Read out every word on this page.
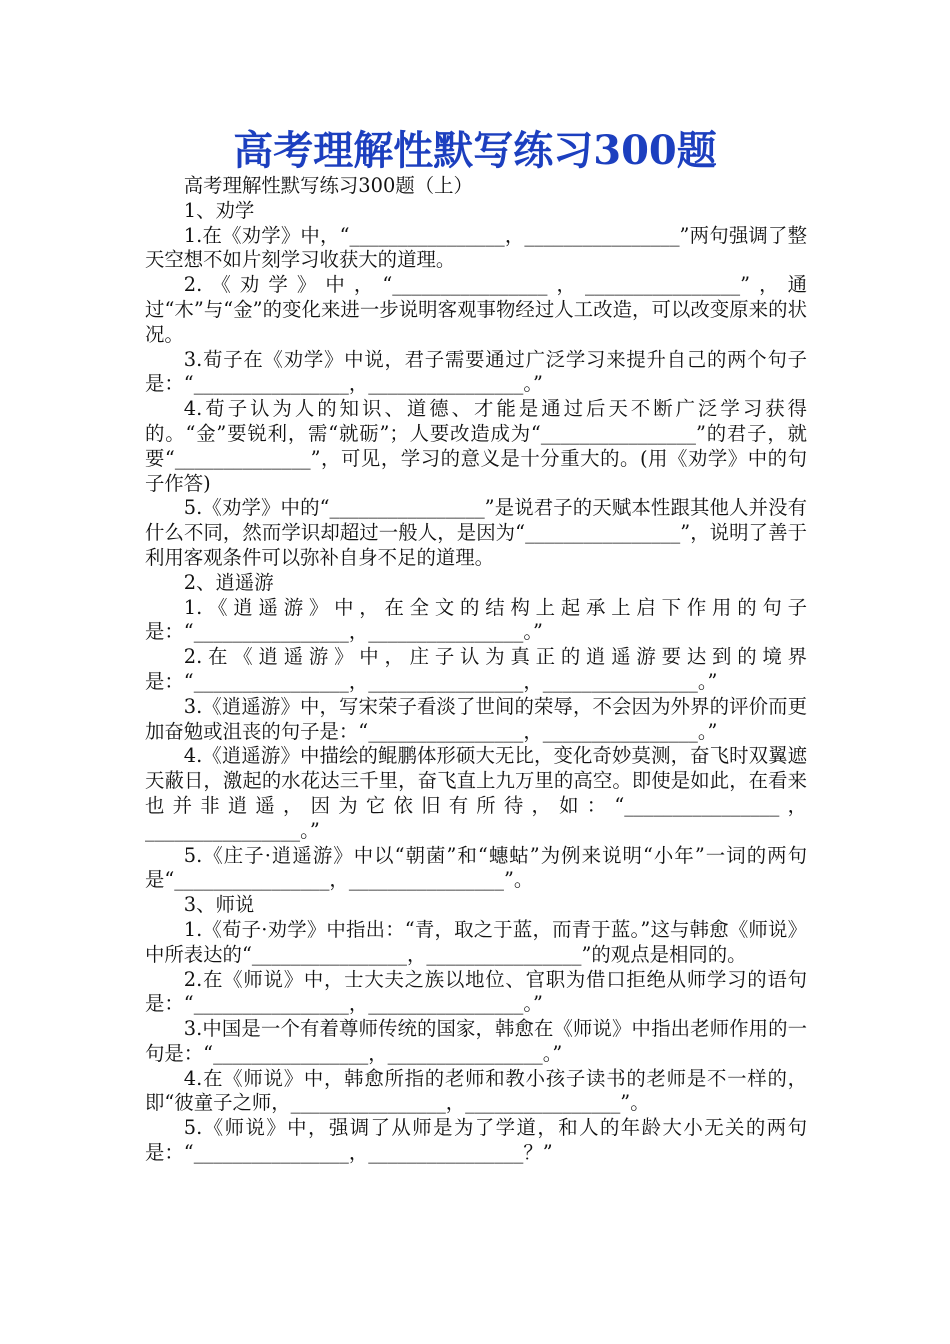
高考理解性默写练习300题

高考理解性默写练习300题（上）

1、劝学

1.在《劝学》中，“________________，________________”两句强调了整天空想不如片刻学习收获大的道理。

2.《劝学》中，“________________，________________”，通过“木”与“金”的变化来进一步说明客观事物经过人工改造，可以改变原来的状况。

3.荀子在《劝学》中说，君子需要通过广泛学习来提升自己的两个句子是：“________________，________________。”

4.荀子认为人的知识、道德、才能是通过后天不断广泛学习获得的。“金”要锐利，需“就砺”；人要改造成为“________________”的君子，就要“______________”，可见，学习的意义是十分重大的。(用《劝学》中的句子作答)

5.《劝学》中的“________________”是说君子的天赋本性跟其他人并没有什么不同，然而学识却超过一般人，是因为“________________”，说明了善于利用客观条件可以弥补自身不足的道理。

2、逍遥游

1.《逍遥游》中，在全文的结构上起承上启下作用的句子是：“________________，________________。”

2.在《逍遥游》中，庄子认为真正的逍遥游要达到的境界是：“________________，________________，________________。”

3.《逍遥游》中，写宋荣子看淡了世间的荣辱，不会因为外界的评价而更加奋勉或沮丧的句子是：“________________，________________。”

4.《逍遥游》中描绘的鲲鹏体形硕大无比，变化奇妙莫测，奋飞时双翼遮天蔽日，激起的水花达三千里，奋飞直上九万里的高空。即使是如此，在看来也并非逍遥，因为它依旧有所待，如：“________________，________________。”

5.《庄子·逍遥游》中以“朝菌”和“蟪蛄”为例来说明“小年”一词的两句是“________________，________________”。

3、师说

1.《荀子·劝学》中指出：“青，取之于蓝，而青于蓝。”这与韩愈《师说》中所表达的“________________，________________”的观点是相同的。

2.在《师说》中，士大夫之族以地位、官职为借口拒绝从师学习的语句是：“________________，________________。”

3.中国是一个有着尊师传统的国家，韩愈在《师说》中指出老师作用的一句是：“________________，________________。”

4.在《师说》中，韩愈所指的老师和教小孩子读书的老师是不一样的，即“彼童子之师，________________，________________”。

5.《师说》中，强调了从师是为了学道，和人的年龄大小无关的两句是：“________________，________________？”
